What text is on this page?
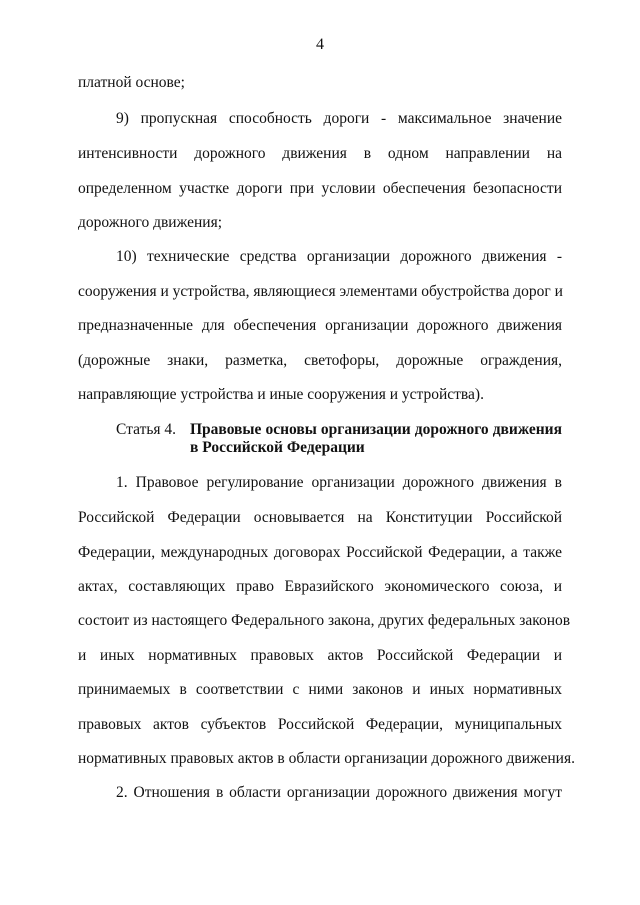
4
платной основе;
9) пропускная способность дороги - максимальное значение
интенсивности дорожного движения в одном направлении на
определенном участке дороги при условии обеспечения безопасности
дорожного движения;
10) технические средства организации дорожного движения -
сооружения и устройства, являющиеся элементами обустройства дорог и
предназначенные для обеспечения организации дорожного движения
(дорожные знаки, разметка, светофоры, дорожные ограждения,
направляющие устройства и иные сооружения и устройства).
Статья 4. Правовые основы организации дорожного движения
в Российской Федерации
1. Правовое регулирование организации дорожного движения в
Российской Федерации основывается на Конституции Российской
Федерации, международных договорах Российской Федерации, а также
актах, составляющих право Евразийского экономического союза, и
состоит из настоящего Федерального закона, других федеральных законов
и иных нормативных правовых актов Российской Федерации и
принимаемых в соответствии с ними законов и иных нормативных
правовых актов субъектов Российской Федерации, муниципальных
нормативных правовых актов в области организации дорожного движения.
2. Отношения в области организации дорожного движения могут
